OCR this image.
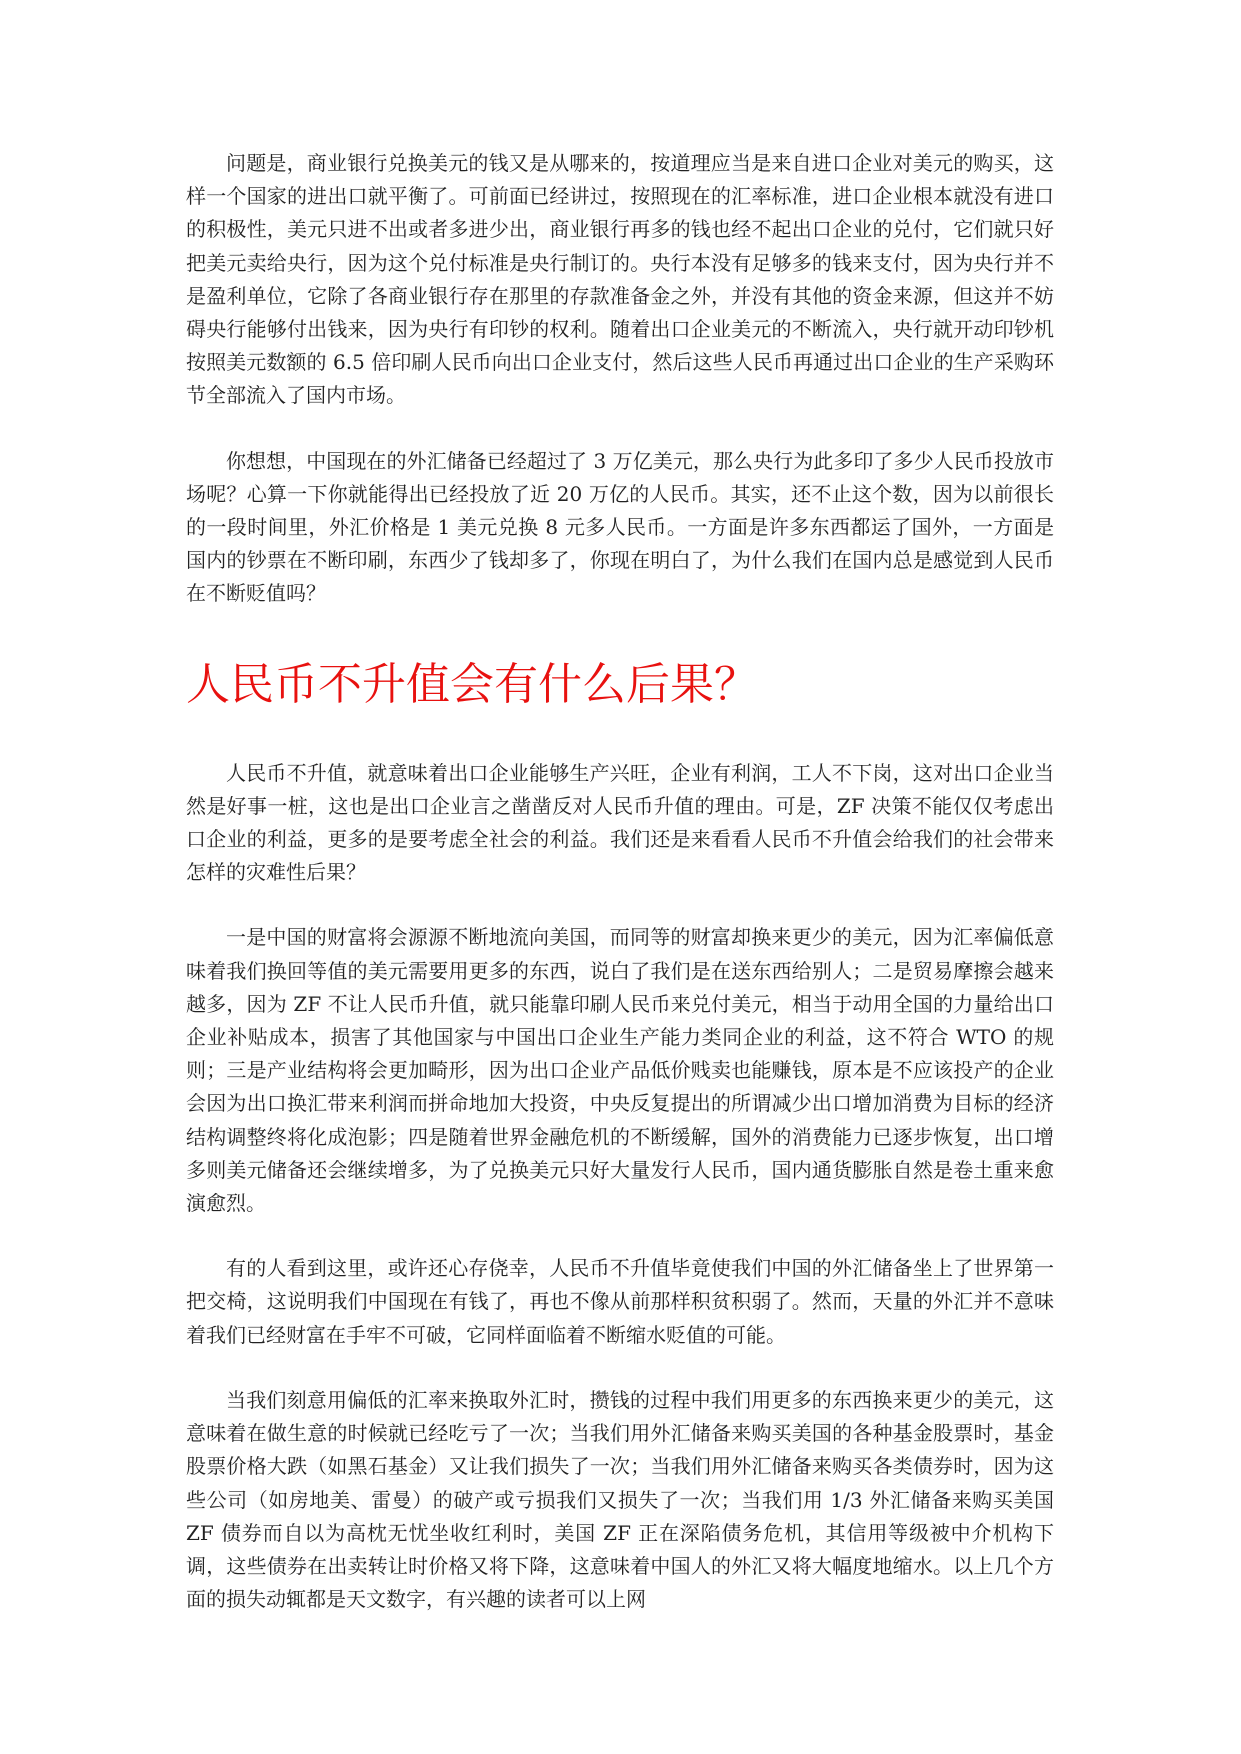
问题是，商业银行兑换美元的钱又是从哪来的，按道理应当是来自进口企业对美元的购买，这样一个国家的进出口就平衡了。可前面已经讲过，按照现在的汇率标准，进口企业根本就没有进口的积极性，美元只进不出或者多进少出，商业银行再多的钱也经不起出口企业的兑付，它们就只好把美元卖给央行，因为这个兑付标准是央行制订的。央行本没有足够多的钱来支付，因为央行并不是盈利单位，它除了各商业银行存在那里的存款准备金之外，并没有其他的资金来源，但这并不妨碍央行能够付出钱来，因为央行有印钞的权利。随着出口企业美元的不断流入，央行就开动印钞机按照美元数额的 6.5 倍印刷人民币向出口企业支付，然后这些人民币再通过出口企业的生产采购环节全部流入了国内市场。

你想想，中国现在的外汇储备已经超过了 3 万亿美元，那么央行为此多印了多少人民币投放市场呢？心算一下你就能得出已经投放了近 20 万亿的人民币。其实，还不止这个数，因为以前很长的一段时间里，外汇价格是 1 美元兑换 8 元多人民币。一方面是许多东西都运了国外，一方面是国内的钞票在不断印刷，东西少了钱却多了，你现在明白了，为什么我们在国内总是感觉到人民币在不断贬值吗？

人民币不升值会有什么后果？

人民币不升值，就意味着出口企业能够生产兴旺，企业有利润，工人不下岗，这对出口企业当然是好事一桩，这也是出口企业言之凿凿反对人民币升值的理由。可是，ZF 决策不能仅仅考虑出口企业的利益，更多的是要考虑全社会的利益。我们还是来看看人民币不升值会给我们的社会带来怎样的灾难性后果？

一是中国的财富将会源源不断地流向美国，而同等的财富却换来更少的美元，因为汇率偏低意味着我们换回等值的美元需要用更多的东西，说白了我们是在送东西给别人；二是贸易摩擦会越来越多，因为 ZF 不让人民币升值，就只能靠印刷人民币来兑付美元，相当于动用全国的力量给出口企业补贴成本，损害了其他国家与中国出口企业生产能力类同企业的利益，这不符合 WTO 的规则；三是产业结构将会更加畸形，因为出口企业产品低价贱卖也能赚钱，原本是不应该投产的企业会因为出口换汇带来利润而拼命地加大投资，中央反复提出的所谓减少出口增加消费为目标的经济结构调整终将化成泡影；四是随着世界金融危机的不断缓解，国外的消费能力已逐步恢复，出口增多则美元储备还会继续增多，为了兑换美元只好大量发行人民币，国内通货膨胀自然是卷土重来愈演愈烈。

有的人看到这里，或许还心存侥幸，人民币不升值毕竟使我们中国的外汇储备坐上了世界第一把交椅，这说明我们中国现在有钱了，再也不像从前那样积贫积弱了。然而，天量的外汇并不意味着我们已经财富在手牢不可破，它同样面临着不断缩水贬值的可能。

当我们刻意用偏低的汇率来换取外汇时，攒钱的过程中我们用更多的东西换来更少的美元，这意味着在做生意的时候就已经吃亏了一次；当我们用外汇储备来购买美国的各种基金股票时，基金股票价格大跌（如黑石基金）又让我们损失了一次；当我们用外汇储备来购买各类债券时，因为这些公司（如房地美、雷曼）的破产或亏损我们又损失了一次；当我们用 1/3 外汇储备来购买美国 ZF 债券而自以为高枕无忧坐收红利时，美国 ZF 正在深陷债务危机，其信用等级被中介机构下调，这些债券在出卖转让时价格又将下降，这意味着中国人的外汇又将大幅度地缩水。以上几个方面的损失动辄都是天文数字，有兴趣的读者可以上网
